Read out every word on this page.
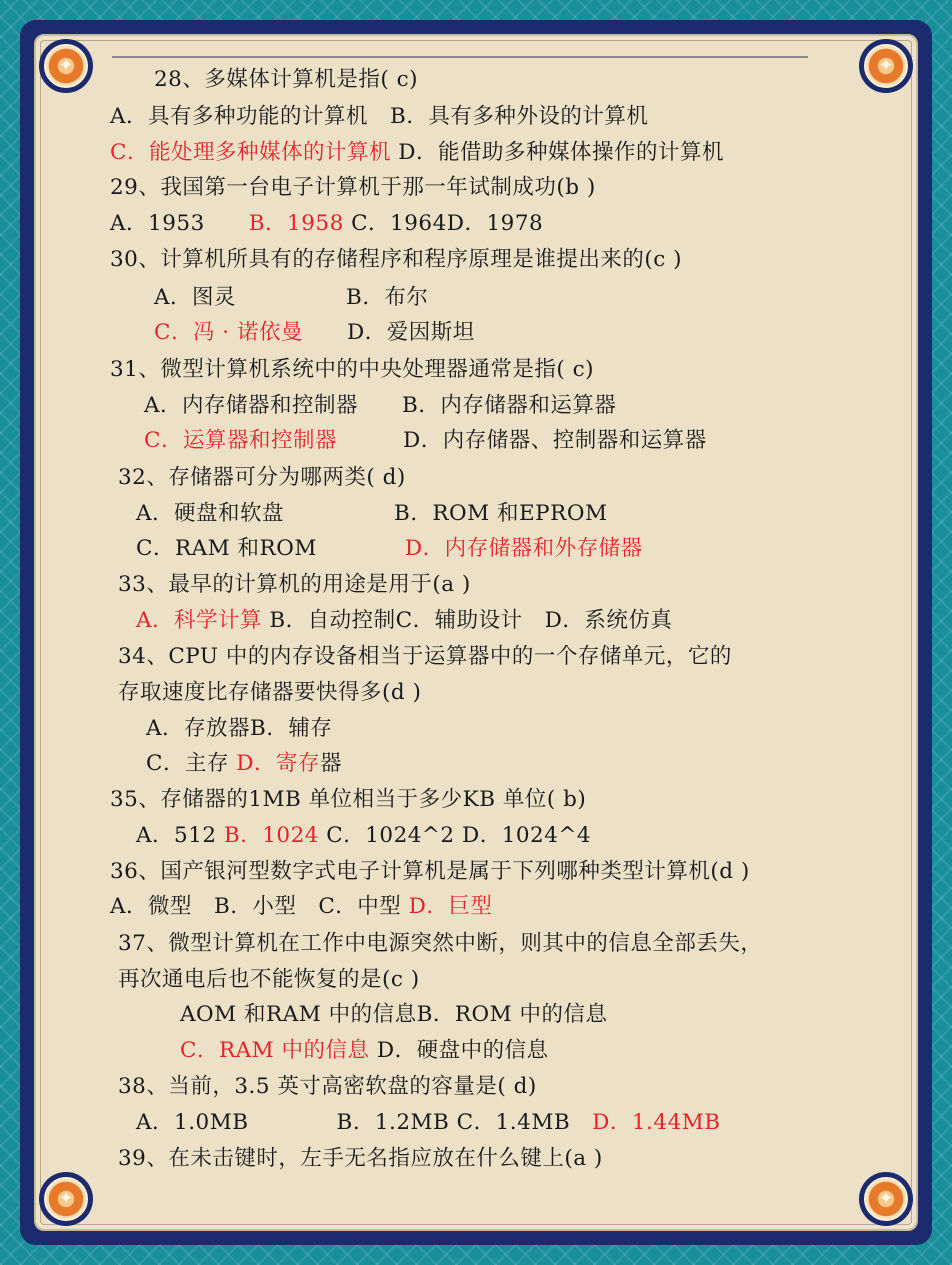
✦	✦
✦	✦
28、多媒体计算机是指( c)
A．具有多种功能的计算机　B．具有多种外设的计算机
C．能处理多种媒体的计算机 D．能借助多种媒体操作的计算机
29、我国第一台电子计算机于那一年试制成功(b )
A．1953　　B．1958 C．1964D．1978
30、计算机所具有的存储程序和程序原理是谁提出来的(c )
A．图灵　　　　　B．布尔
C．冯 · 诺依曼　　D．爱因斯坦
31、微型计算机系统中的中央处理器通常是指( c)
A．内存储器和控制器　　B．内存储器和运算器
C．运算器和控制器　　　D．内存储器、控制器和运算器
32、存储器可分为哪两类( d)
A．硬盘和软盘　　　　　B．ROM 和EPROM
C．RAM 和ROM　　　　D．内存储器和外存储器
33、最早的计算机的用途是用于(a )
A．科学计算 B．自动控制C．辅助设计　D．系统仿真
34、CPU 中的内存设备相当于运算器中的一个存储单元，它的
存取速度比存储器要快得多(d )
A．存放器B．辅存
C．主存 D．寄存器
35、存储器的1MB 单位相当于多少KB 单位( b)
A．512 B．1024 C．1024^2 D．1024^4
36、国产银河型数字式电子计算机是属于下列哪种类型计算机(d )
A．微型　B．小型　C．中型 D．巨型
37、微型计算机在工作中电源突然中断，则其中的信息全部丢失，
再次通电后也不能恢复的是(c )
AOM 和RAM 中的信息B．ROM 中的信息
C．RAM 中的信息 D．硬盘中的信息
38、当前，3.5 英寸高密软盘的容量是( d)
A．1.0MB　　　　B．1.2MB C．1.4MB　D．1.44MB
39、在未击键时，左手无名指应放在什么键上(a )
